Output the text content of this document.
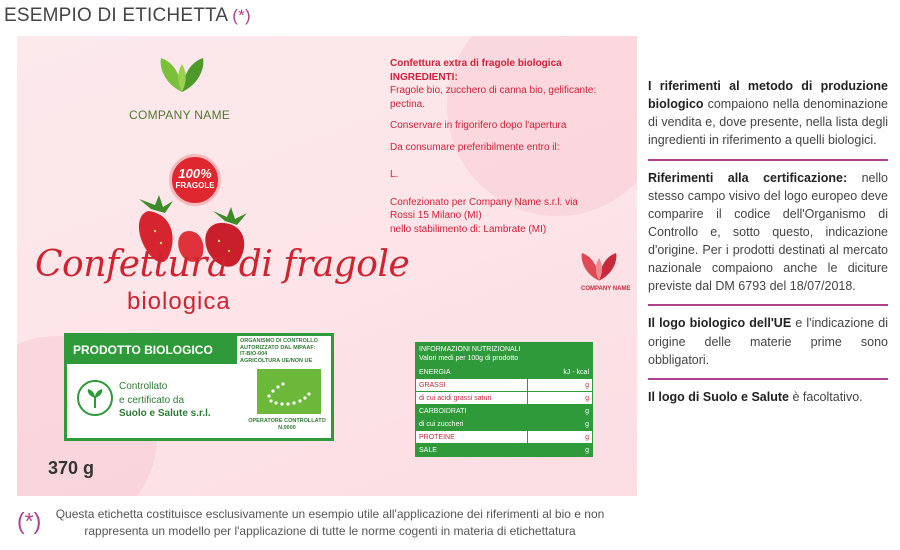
ESEMPIO DI ETICHETTA (*)
COMPANY NAME
100%
FRAGOLE
Confettura di fragole
biologica
PRODOTTO BIOLOGICO
ORGANISMO DI CONTROLLO
AUTORIZZATO DAL MIPAAF:
IT-BIO-004
AGRICOLTURA UE/NON UE
Controllato
e certificato da
Suolo e Salute s.r.l.
OPERATORE CONTROLLATO
N.0000
370 g
Confettura extra di fragole biologica
INGREDIENTI:
Fragole bio, zucchero di canna bio, gelificante: pectina.
Conservare in frigorifero dopo l'apertura
Da consumare preferibilmente entro il:
L.
Confezionato per Company Name s.r.l. via Rossi 15 Milano (MI)
nello stabilimento di: Lambrate (MI)
COMPANY NAME
INFORMAZIONI NUTRIZIONALI
Valori medi per 100g di prodotto
ENERGIA	kJ - kcal
GRASSI	g
di cui acidi grassi saturi	g
CARBOIDRATI	g
di cui zuccheri	g
PROTEINE	g
SALE	g
(*)	Questa etichetta costituisce esclusivamente un esempio utile all'applicazione dei riferimenti al bio e non rappresenta un modello per l'applicazione di tutte le norme cogenti in materia di etichettatura

I riferimenti al metodo di produzione biologico compaiono nella denominazione di vendita e, dove presente, nella lista degli ingredienti in riferimento a quelli biologici.

Riferimenti alla certificazione: nello stesso campo visivo del logo europeo deve comparire il codice dell'Organismo di Controllo e, sotto questo, indicazione d'origine. Per i prodotti destinati al mercato nazionale compaiono anche le diciture previste dal DM 6793 del 18/07/2018.

Il logo biologico dell'UE e l'indicazione di origine delle materie prime sono obbligatori.

Il logo di Suolo e Salute è facoltativo.
